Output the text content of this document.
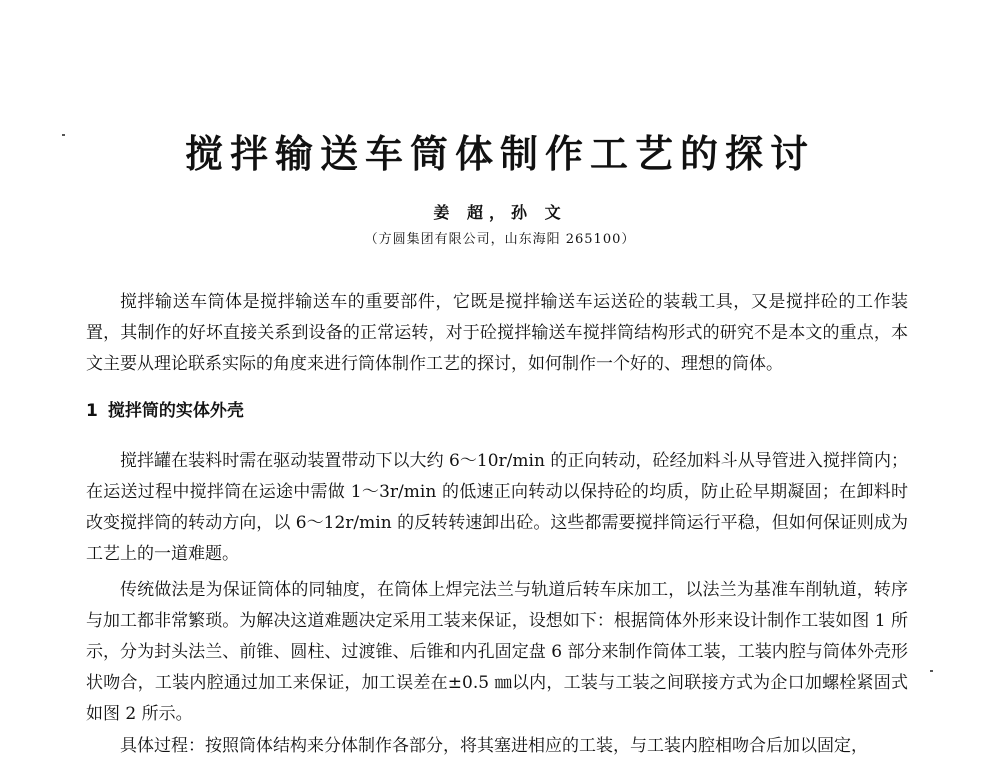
搅拌输送车筒体制作工艺的探讨
姜 超，孙 文
（方圆集团有限公司，山东海阳 265100）

搅拌输送车筒体是搅拌输送车的重要部件，它既是搅拌输送车运送砼的装载工具，又是搅拌砼的工作装置，其制作的好坏直接关系到设备的正常运转，对于砼搅拌输送车搅拌筒结构形式的研究不是本文的重点，本文主要从理论联系实际的角度来进行筒体制作工艺的探讨，如何制作一个好的、理想的筒体。

1 搅拌筒的实体外壳

搅拌罐在装料时需在驱动装置带动下以大约 6～10r/min 的正向转动，砼经加料斗从导管进入搅拌筒内；在运送过程中搅拌筒在运途中需做 1～3r/min 的低速正向转动以保持砼的均质，防止砼早期凝固；在卸料时改变搅拌筒的转动方向，以 6～12r/min 的反转转速卸出砼。这些都需要搅拌筒运行平稳，但如何保证则成为工艺上的一道难题。

传统做法是为保证筒体的同轴度，在筒体上焊完法兰与轨道后转车床加工，以法兰为基准车削轨道，转序与加工都非常繁琐。为解决这道难题决定采用工装来保证，设想如下：根据筒体外形来设计制作工装如图 1 所示，分为封头法兰、前锥、圆柱、过渡锥、后锥和内孔固定盘 6 部分来制作筒体工装，工装内腔与筒体外壳形状吻合，工装内腔通过加工来保证，加工误差在±0.5 ㎜以内，工装与工装之间联接方式为企口加螺栓紧固式如图 2 所示。

具体过程：按照筒体结构来分体制作各部分，将其塞进相应的工装，与工装内腔相吻合后加以固定，
